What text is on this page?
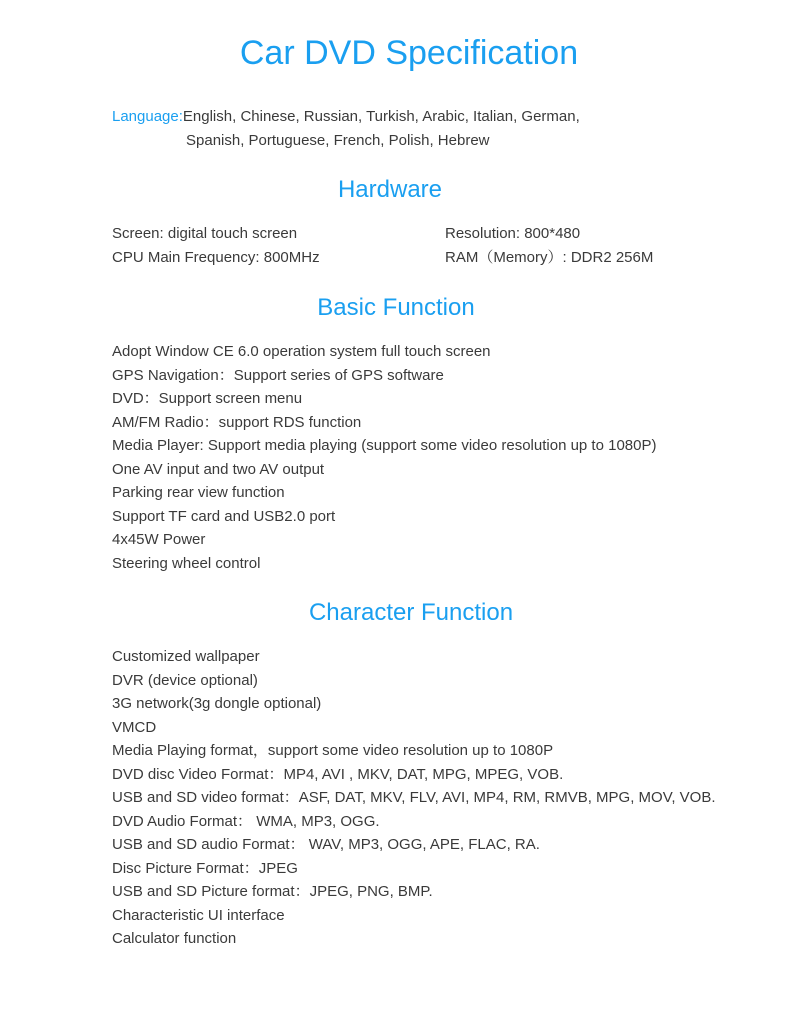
Car DVD Specification
Language:English, Chinese, Russian, Turkish, Arabic, Italian, German,
Spanish, Portuguese, French, Polish, Hebrew
Hardware
Screen: digital touch screen
CPU Main Frequency: 800MHz
Resolution: 800*480
RAM（Memory）: DDR2 256M
Basic Function
Adopt Window CE 6.0 operation system full touch screen
GPS Navigation：Support series of GPS software
DVD：Support screen menu
AM/FM Radio：support RDS function
Media Player: Support media playing (support some video resolution up to 1080P)
One AV input and two AV output
Parking rear view function
Support TF card and USB2.0 port
4x45W Power
Steering wheel control
Character Function
Customized wallpaper
DVR (device optional)
3G network(3g dongle optional)
VMCD
Media Playing format，support some video resolution up to 1080P
DVD disc Video Format：MP4, AVI , MKV, DAT, MPG, MPEG, VOB.
USB and SD video format：ASF, DAT, MKV, FLV, AVI, MP4, RM, RMVB, MPG, MOV, VOB.
DVD Audio Format： WMA, MP3, OGG.
USB and SD audio Format： WAV, MP3, OGG, APE, FLAC, RA.
Disc Picture Format：JPEG
USB and SD Picture format：JPEG, PNG, BMP.
Characteristic UI interface
Calculator function
